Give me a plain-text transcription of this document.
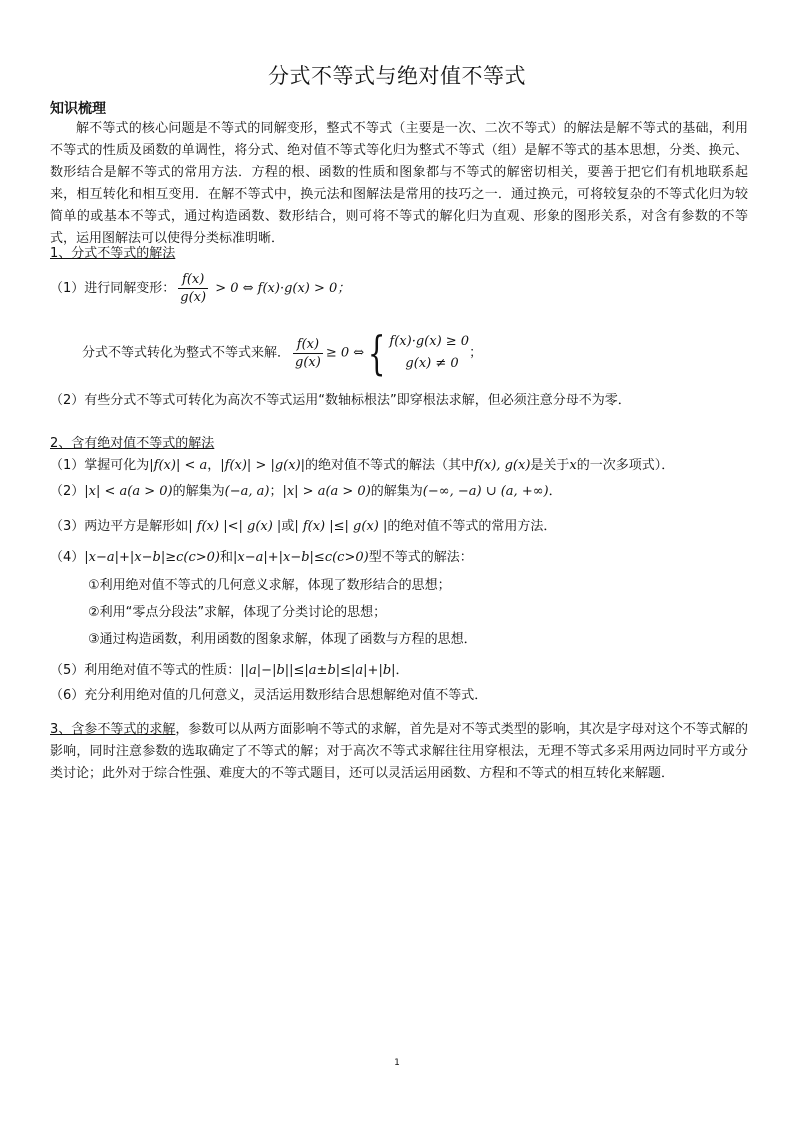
分式不等式与绝对值不等式
知识梳理
解不等式的核心问题是不等式的同解变形，整式不等式（主要是一次、二次不等式）的解法是解不等式的基础，利用不等式的性质及函数的单调性，将分式、绝对值不等式等化归为整式不等式（组）是解不等式的基本思想，分类、换元、数形结合是解不等式的常用方法．方程的根、函数的性质和图象都与不等式的解密切相关，要善于把它们有机地联系起来，相互转化和相互变用．在解不等式中，换元法和图解法是常用的技巧之一．通过换元，可将较复杂的不等式化归为较简单的或基本不等式，通过构造函数、数形结合，则可将不等式的解化归为直观、形象的图形关系，对含有参数的不等式，运用图解法可以使得分类标准明晰．
1、分式不等式的解法
（1）进行同解变形： $\frac{f(x)}{g(x)} > 0$ ⇔ f(x)·g(x) > 0；
分式不等式转化为整式不等式来解． $\frac{f(x)}{g(x)} \ge 0$ ⇔{ f(x)·g(x) ≥ 0
g(x) ≠ 0
；
（2）有些分式不等式可转化为高次不等式运用“数轴标根法”即穿根法求解，但必须注意分母不为零．
2、含有绝对值不等式的解法
（1）掌握可化为|f(x)| < a，|f(x)| > |g(x)|的绝对值不等式的解法（其中f(x), g(x)是关于x的一次多项式）．
（2）|x| < a(a > 0)的解集为(−a, a)；|x| > a(a > 0)的解集为(−∞, −a) ∪ (a, +∞)．
（3）两边平方是解形如| f(x) |<| g(x) |或| f(x) |≤| g(x) |的绝对值不等式的常用方法．
（4）|x−a|+|x−b|≥c(c>0)和|x−a|+|x−b|≤c(c>0)型不等式的解法：
①利用绝对值不等式的几何意义求解，体现了数形结合的思想；
②利用“零点分段法”求解，体现了分类讨论的思想；
③通过构造函数，利用函数的图象求解，体现了函数与方程的思想．
（5）利用绝对值不等式的性质：||a|−|b||≤|a±b|≤|a|+|b|．
（6）充分利用绝对值的几何意义，灵活运用数形结合思想解绝对值不等式．
3、含参不等式的求解，参数可以从两方面影响不等式的求解，首先是对不等式类型的影响，其次是字母对这个不等式解的影响，同时注意参数的选取确定了不等式的解；对于高次不等式求解往往用穿根法，无理不等式多采用两边同时平方或分类讨论；此外对于综合性强、难度大的不等式题目，还可以灵活运用函数、方程和不等式的相互转化来解题．
1
